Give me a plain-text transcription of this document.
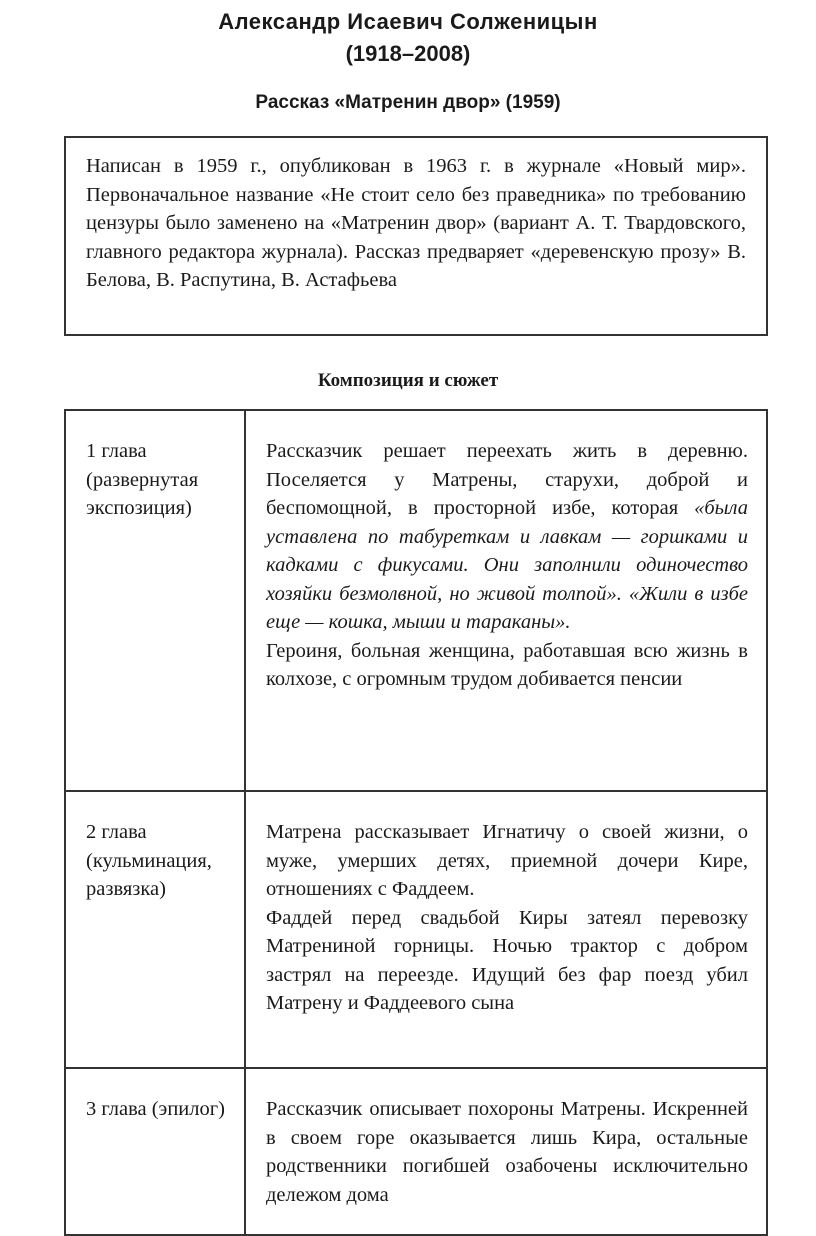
Александр Исаевич Солженицын
(1918–2008)
Рассказ «Матренин двор» (1959)

Написан в 1959 г., опубликован в 1963 г. в журнале «Новый мир». Первоначальное название «Не стоит село без праведника» по требованию цензуры было заменено на «Матренин двор» (вариант А. Т. Твардовского, главного редактора журнала). Рассказ предваряет «деревенскую прозу» В. Белова, В. Распутина, В. Астафьева

Композиция и сюжет
1 глава (развернутая экспозиция)	Рассказчик решает переехать жить в деревню. Поселяется у Матрены, старухи, доброй и беспомощной, в просторной избе, которая «была уставлена по табуреткам и лавкам — горшками и кадками с фикусами. Они заполнили одиночество хозяйки безмолвной, но живой толпой». «Жили в избе еще — кошка, мыши и тараканы».

Героиня, больная женщина, работавшая всю жизнь в колхозе, с огромным трудом добивается пенсии

2 глава (кульминация, развязка)	Матрена рассказывает Игнатичу о своей жизни, о муже, умерших детях, приемной дочери Кире, отношениях с Фаддеем.

Фаддей перед свадьбой Киры затеял перевозку Матрениной горницы. Ночью трактор с добром застрял на переезде. Идущий без фар поезд убил Матрену и Фаддеевого сына

3 глава (эпилог)	Рассказчик описывает похороны Матрены. Искренней в своем горе оказывается лишь Кира, остальные родственники погибшей озабочены исключительно дележом дома
